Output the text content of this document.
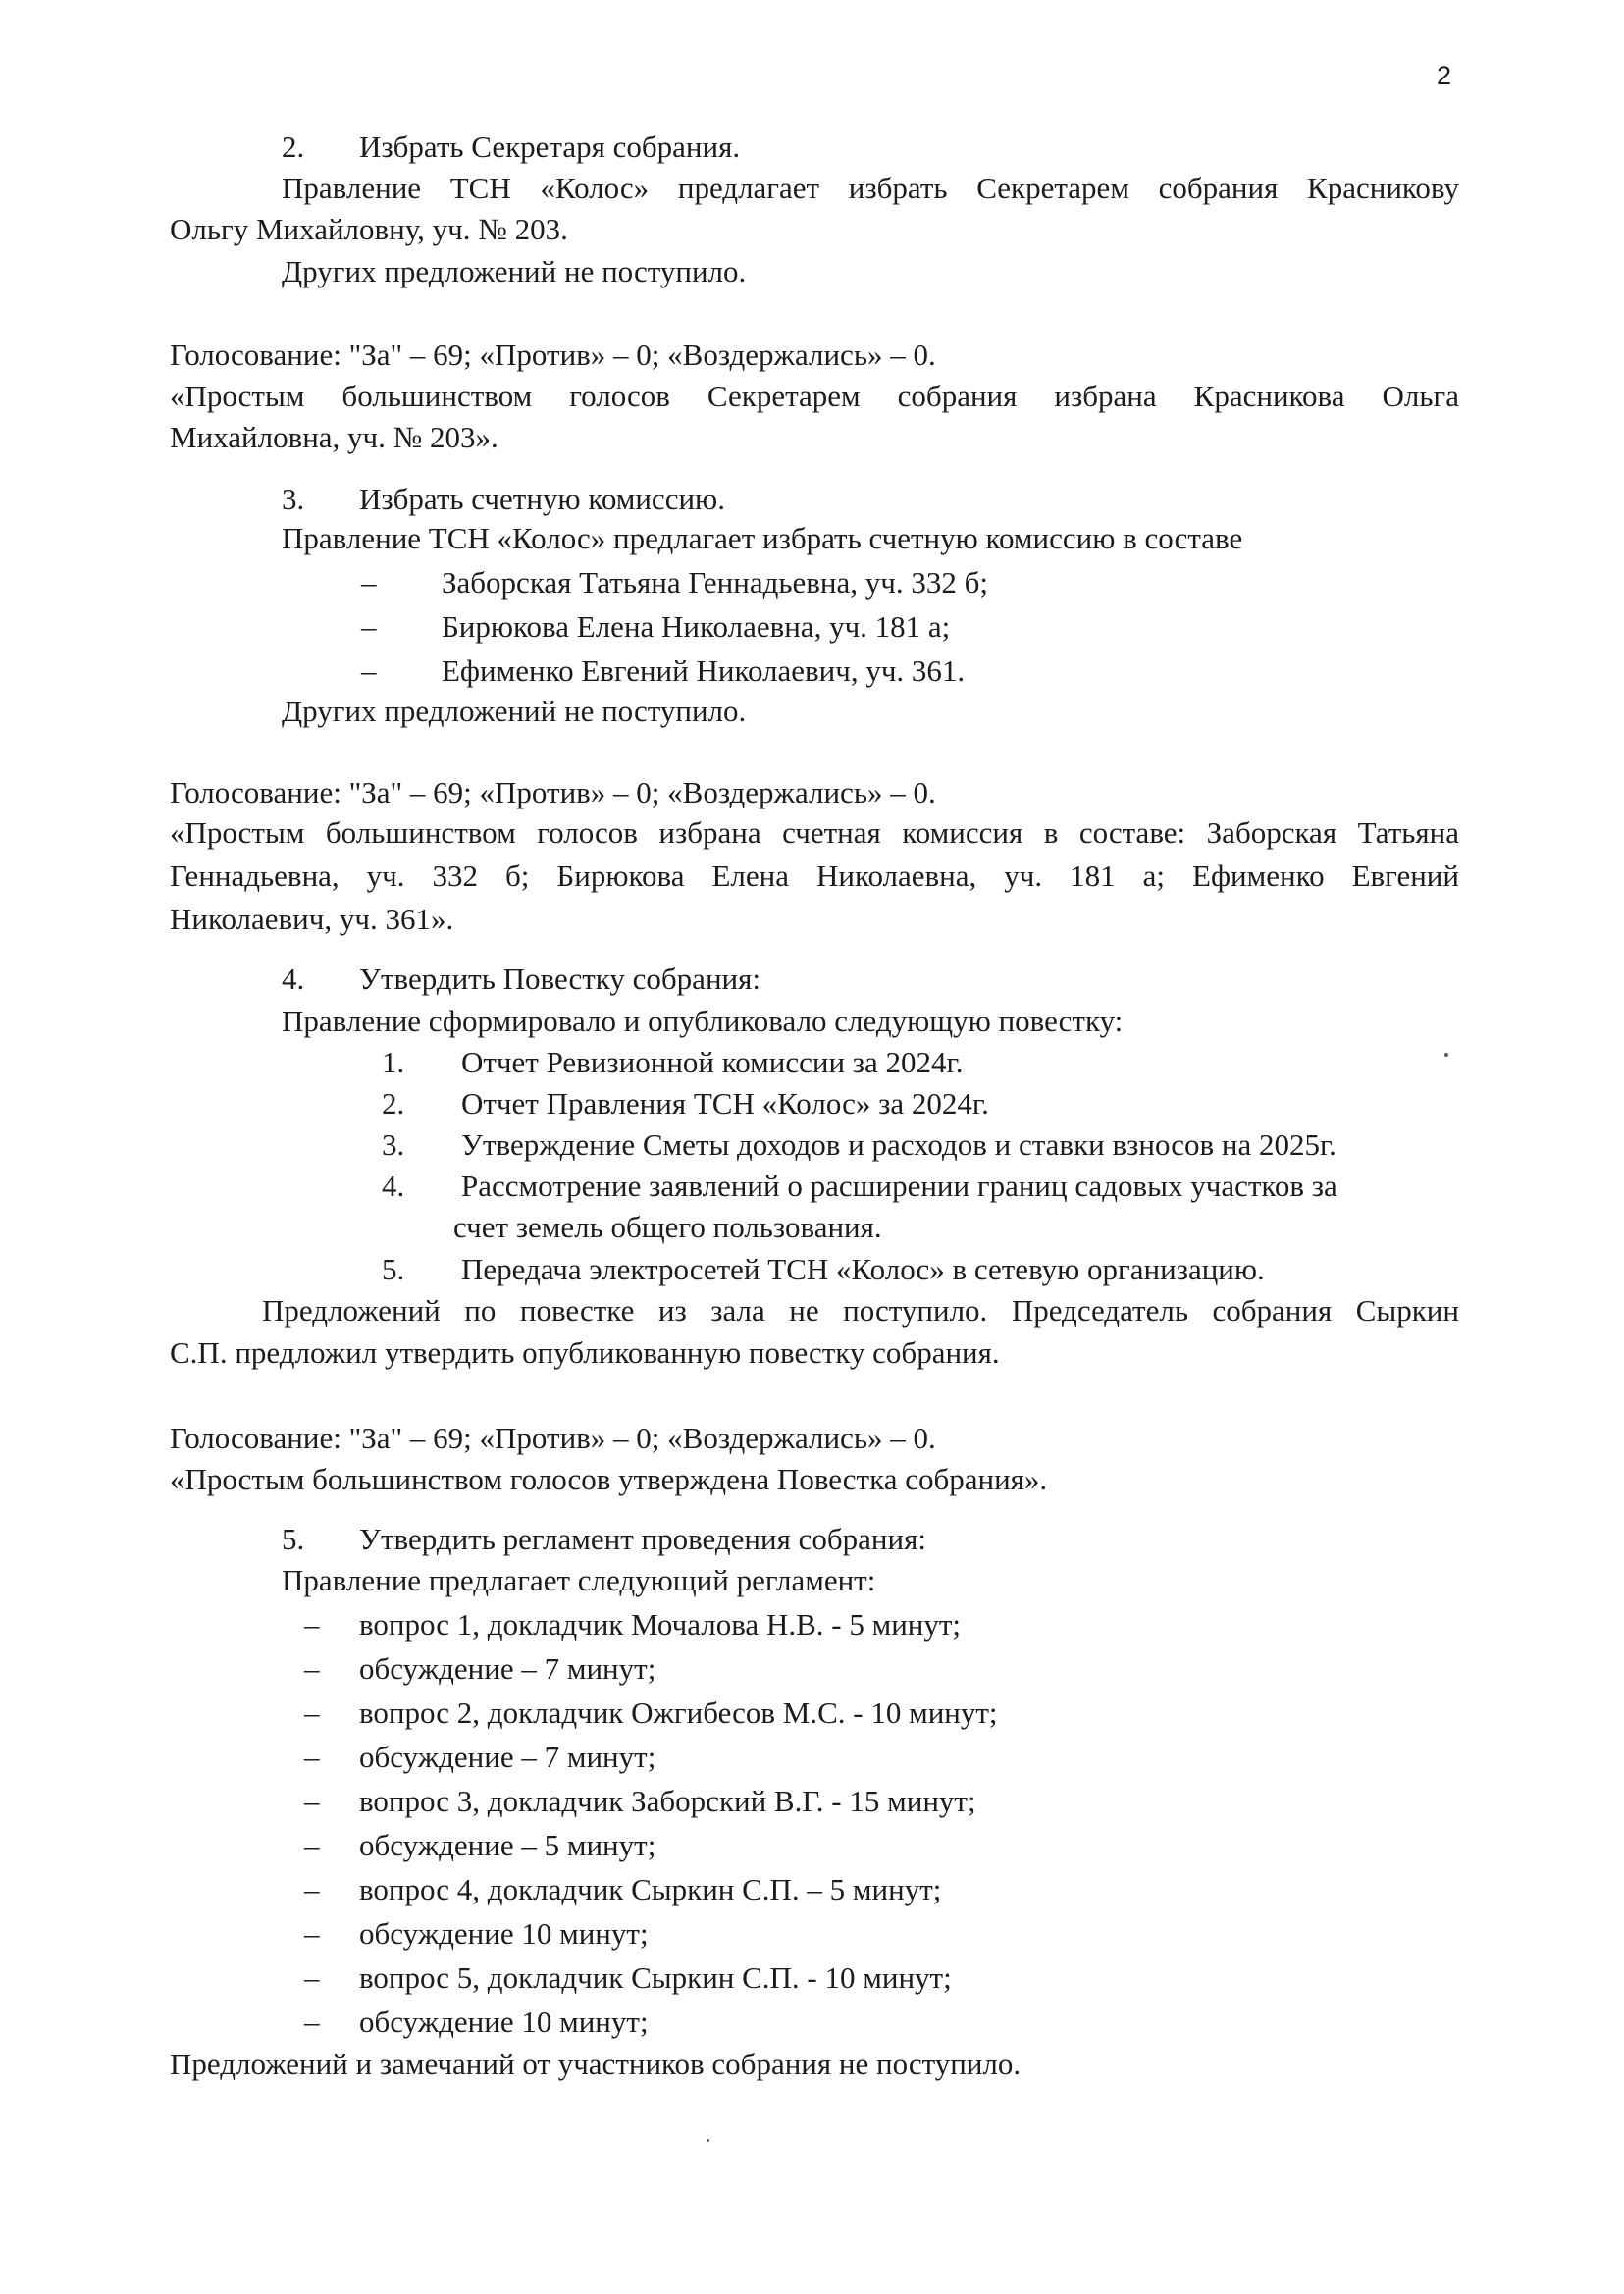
2
2. Избрать Секретаря собрания.
Правление ТСН «Колос» предлагает избрать Секретарем собрания Красникову
Ольгу Михайловну, уч. № 203.
Других предложений не поступило.
Голосование: "За" – 69; «Против» – 0; «Воздержались» – 0.
«Простым большинством голосов Секретарем собрания избрана Красникова Ольга
Михайловна, уч. № 203».
3. Избрать счетную комиссию.
Правление ТСН «Колос» предлагает избрать счетную комиссию в составе
– Заборская Татьяна Геннадьевна, уч. 332 б;
– Бирюкова Елена Николаевна, уч. 181 а;
– Ефименко Евгений Николаевич, уч. 361.
Других предложений не поступило.
Голосование: "За" – 69; «Против» – 0; «Воздержались» – 0.
«Простым большинством голосов избрана счетная комиссия в составе: Заборская Татьяна
Геннадьевна, уч. 332 б; Бирюкова Елена Николаевна, уч. 181 а; Ефименко Евгений
Николаевич, уч. 361».
4. Утвердить Повестку собрания:
Правление сформировало и опубликовало следующую повестку:
1. Отчет Ревизионной комиссии за 2024г.
2. Отчет Правления ТСН «Колос» за 2024г.
3. Утверждение Сметы доходов и расходов и ставки взносов на 2025г.
4. Рассмотрение заявлений о расширении границ садовых участков за
счет земель общего пользования.
5. Передача электросетей ТСН «Колос» в сетевую организацию.
Предложений по повестке из зала не поступило. Председатель собрания Сыркин
С.П. предложил утвердить опубликованную повестку собрания.
Голосование: "За" – 69; «Против» – 0; «Воздержались» – 0.
«Простым большинством голосов утверждена Повестка собрания».
5. Утвердить регламент проведения собрания:
Правление предлагает следующий регламент:
– вопрос 1, докладчик Мочалова Н.В. - 5 минут;
– обсуждение – 7 минут;
– вопрос 2, докладчик Ожгибесов М.С. - 10 минут;
– обсуждение – 7 минут;
– вопрос 3, докладчик Заборский В.Г. - 15 минут;
– обсуждение – 5 минут;
– вопрос 4, докладчик Сыркин С.П. – 5 минут;
– обсуждение 10 минут;
– вопрос 5, докладчик Сыркин С.П. - 10 минут;
– обсуждение 10 минут;
Предложений и замечаний от участников собрания не поступило.
